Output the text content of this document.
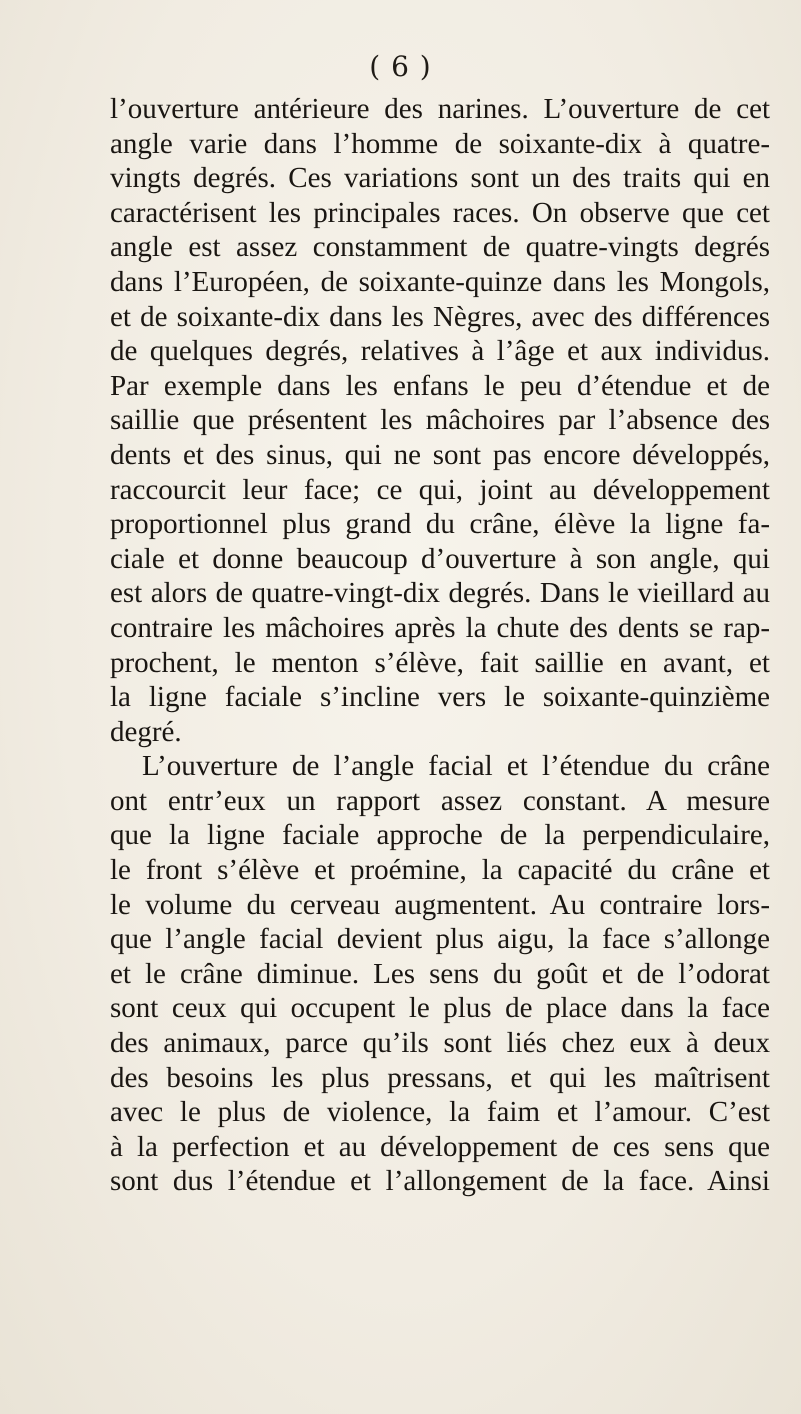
( 6 )
l’ouverture antérieure des narines. L’ouverture de cet
angle varie dans l’homme de soixante-dix à quatre-
vingts degrés. Ces variations sont un des traits qui en
caractérisent les principales races. On observe que cet
angle est assez constamment de quatre-vingts degrés
dans l’Européen, de soixante-quinze dans les Mongols,
et de soixante-dix dans les Nègres, avec des différences
de quelques degrés, relatives à l’âge et aux individus.
Par exemple dans les enfans le peu d’étendue et de
saillie que présentent les mâchoires par l’absence des
dents et des sinus, qui ne sont pas encore développés,
raccourcit leur face; ce qui, joint au développement
proportionnel plus grand du crâne, élève la ligne fa-
ciale et donne beaucoup d’ouverture à son angle, qui
est alors de quatre-vingt-dix degrés. Dans le vieillard au
contraire les mâchoires après la chute des dents se rap-
prochent, le menton s’élève, fait saillie en avant, et
la ligne faciale s’incline vers le soixante-quinzième
degré.
L’ouverture de l’angle facial et l’étendue du crâne
ont entr’eux un rapport assez constant. A mesure
que la ligne faciale approche de la perpendiculaire,
le front s’élève et proémine, la capacité du crâne et
le volume du cerveau augmentent. Au contraire lors-
que l’angle facial devient plus aigu, la face s’allonge
et le crâne diminue. Les sens du goût et de l’odorat
sont ceux qui occupent le plus de place dans la face
des animaux, parce qu’ils sont liés chez eux à deux
des besoins les plus pressans, et qui les maîtrisent
avec le plus de violence, la faim et l’amour. C’est
à la perfection et au développement de ces sens que
sont dus l’étendue et l’allongement de la face. Ainsi
